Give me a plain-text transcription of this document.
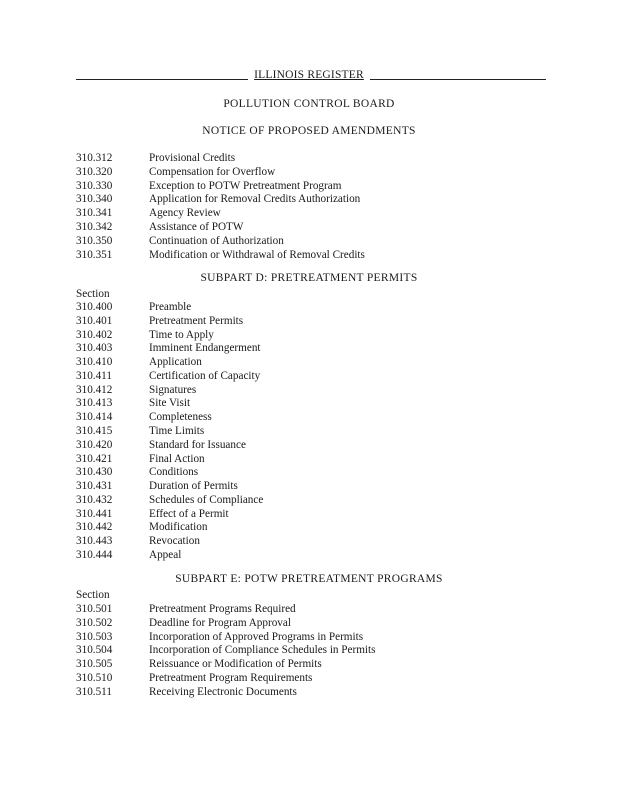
ILLINOIS REGISTER
POLLUTION CONTROL BOARD
NOTICE OF PROPOSED AMENDMENTS
310.312	Provisional Credits
310.320	Compensation for Overflow
310.330	Exception to POTW Pretreatment Program
310.340	Application for Removal Credits Authorization
310.341	Agency Review
310.342	Assistance of POTW
310.350	Continuation of Authorization
310.351	Modification or Withdrawal of Removal Credits
SUBPART D: PRETREATMENT PERMITS
Section
310.400	Preamble
310.401	Pretreatment Permits
310.402	Time to Apply
310.403	Imminent Endangerment
310.410	Application
310.411	Certification of Capacity
310.412	Signatures
310.413	Site Visit
310.414	Completeness
310.415	Time Limits
310.420	Standard for Issuance
310.421	Final Action
310.430	Conditions
310.431	Duration of Permits
310.432	Schedules of Compliance
310.441	Effect of a Permit
310.442	Modification
310.443	Revocation
310.444	Appeal
SUBPART E: POTW PRETREATMENT PROGRAMS
Section
310.501	Pretreatment Programs Required
310.502	Deadline for Program Approval
310.503	Incorporation of Approved Programs in Permits
310.504	Incorporation of Compliance Schedules in Permits
310.505	Reissuance or Modification of Permits
310.510	Pretreatment Program Requirements
310.511	Receiving Electronic Documents
